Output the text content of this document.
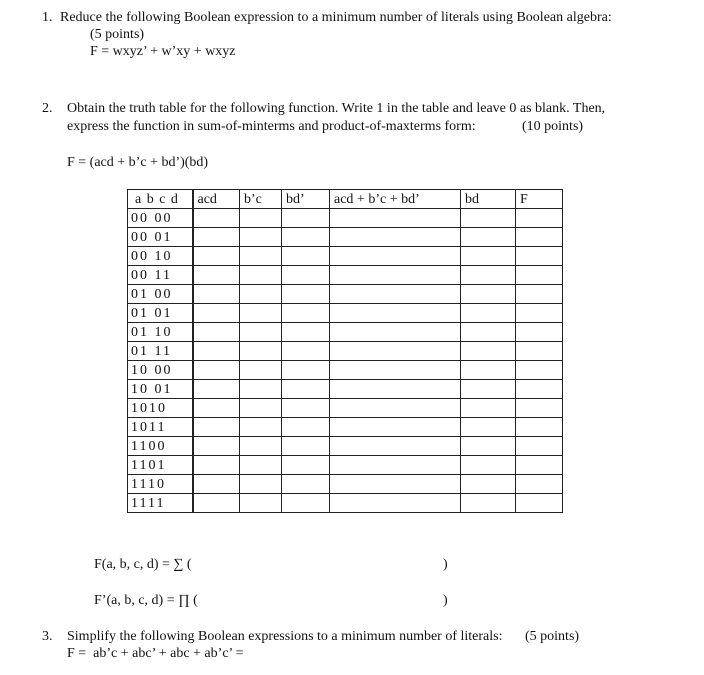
1. Reduce the following Boolean expression to a minimum number of literals using Boolean algebra:
(5 points)
F = wxyz’ + w’xy + wxyz
2. Obtain the truth table for the following function. Write 1 in the table and leave 0 as blank. Then,
express the function in sum-of-minterms and product-of-maxterms form:	(10 points)
F = (acd + b’c + bd’)(bd)
a b c d	acd	b’c	bd’	acd + b’c + bd’	bd	F
00 00						
00 01						
00 10						
00 11						
01 00						
01 01						
01 10						
01 11						
10 00						
10 01						
1010						
1011						
1100						
1101						
1110						
1111						
F(a, b, c, d) = ∑ (	)
F’(a, b, c, d) = ∏ (	)
3. Simplify the following Boolean expressions to a minimum number of literals: (5 points)
F =  ab’c + abc’ + abc + ab’c’ =
